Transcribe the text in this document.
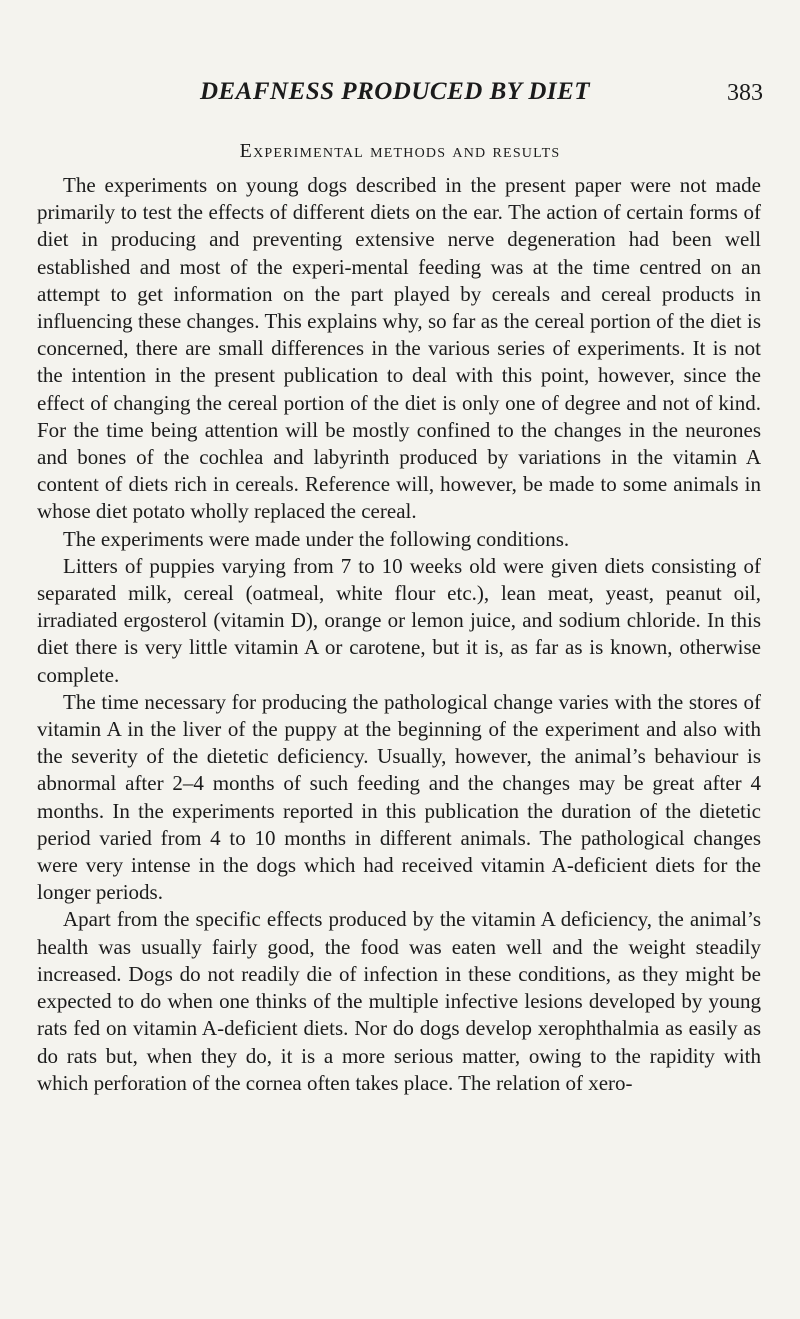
DEAFNESS PRODUCED BY DIET	383
Experimental methods and results

The experiments on young dogs described in the present paper were not made primarily to test the effects of different diets on the ear. The action of certain forms of diet in producing and preventing extensive nerve degeneration had been well established and most of the experi-mental feeding was at the time centred on an attempt to get information on the part played by cereals and cereal products in influencing these changes. This explains why, so far as the cereal portion of the diet is concerned, there are small differences in the various series of experiments. It is not the intention in the present publication to deal with this point, however, since the effect of changing the cereal portion of the diet is only one of degree and not of kind. For the time being attention will be mostly confined to the changes in the neurones and bones of the cochlea and labyrinth produced by variations in the vitamin A content of diets rich in cereals. Reference will, however, be made to some animals in whose diet potato wholly replaced the cereal.

The experiments were made under the following conditions.

Litters of puppies varying from 7 to 10 weeks old were given diets consisting of separated milk, cereal (oatmeal, white flour etc.), lean meat, yeast, peanut oil, irradiated ergosterol (vitamin D), orange or lemon juice, and sodium chloride. In this diet there is very little vitamin A or carotene, but it is, as far as is known, otherwise complete.

The time necessary for producing the pathological change varies with the stores of vitamin A in the liver of the puppy at the beginning of the experiment and also with the severity of the dietetic deficiency. Usually, however, the animal’s behaviour is abnormal after 2–4 months of such feeding and the changes may be great after 4 months. In the experiments reported in this publication the duration of the dietetic period varied from 4 to 10 months in different animals. The pathological changes were very intense in the dogs which had received vitamin A-deficient diets for the longer periods.

Apart from the specific effects produced by the vitamin A deficiency, the animal’s health was usually fairly good, the food was eaten well and the weight steadily increased. Dogs do not readily die of infection in these conditions, as they might be expected to do when one thinks of the multiple infective lesions developed by young rats fed on vitamin A-deficient diets. Nor do dogs develop xerophthalmia as easily as do rats but, when they do, it is a more serious matter, owing to the rapidity with which perforation of the cornea often takes place. The relation of xero-
